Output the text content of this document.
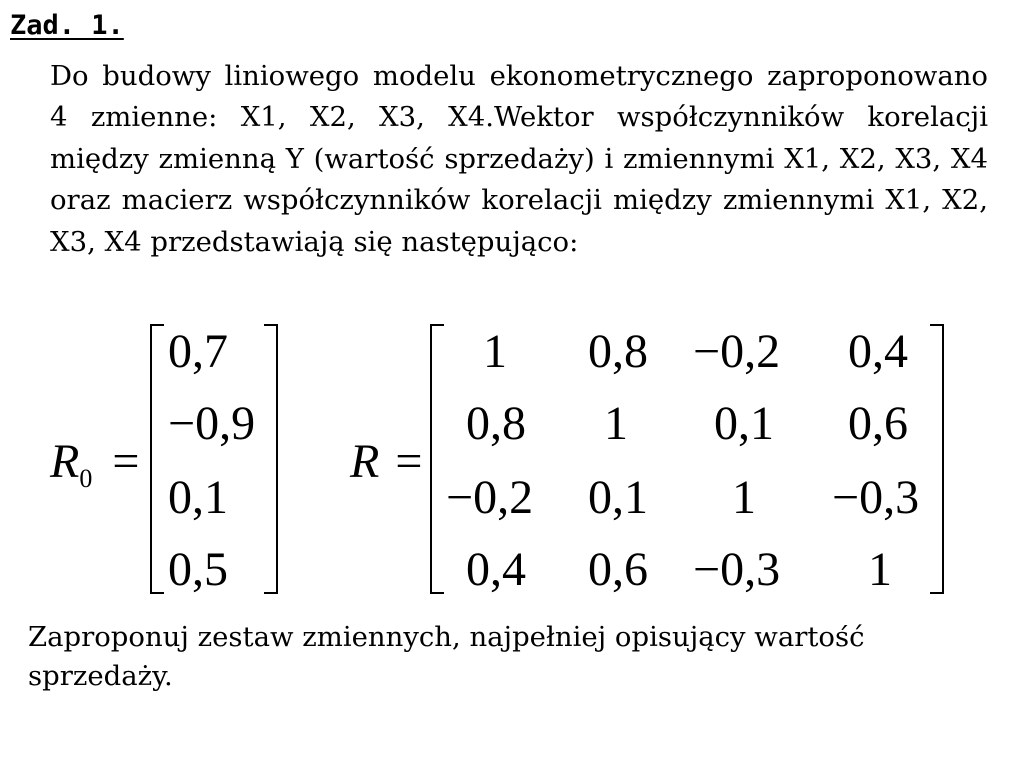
Zad. 1.

Do budowy liniowego modelu ekonometrycznego zaproponowano 4 zmienne: X1, X2, X3, X4.Wektor współczynników korelacji między zmienną Y (wartość sprzedaży) i zmiennymi X1, X2, X3, X4 oraz macierz współczynników korelacji między zmiennymi X1, X2, X3, X4 przedstawiają się następująco:

$R_0$ =
0,7
−0,9
0,1
0,5
R =
1 0,8 −0,2 0,4
0,8 1 0,1 0,6
−0,2 0,1 1 −0,3
0,4 0,6 −0,3 1

Zaproponuj zestaw zmiennych, najpełniej opisujący wartość sprzedaży.
